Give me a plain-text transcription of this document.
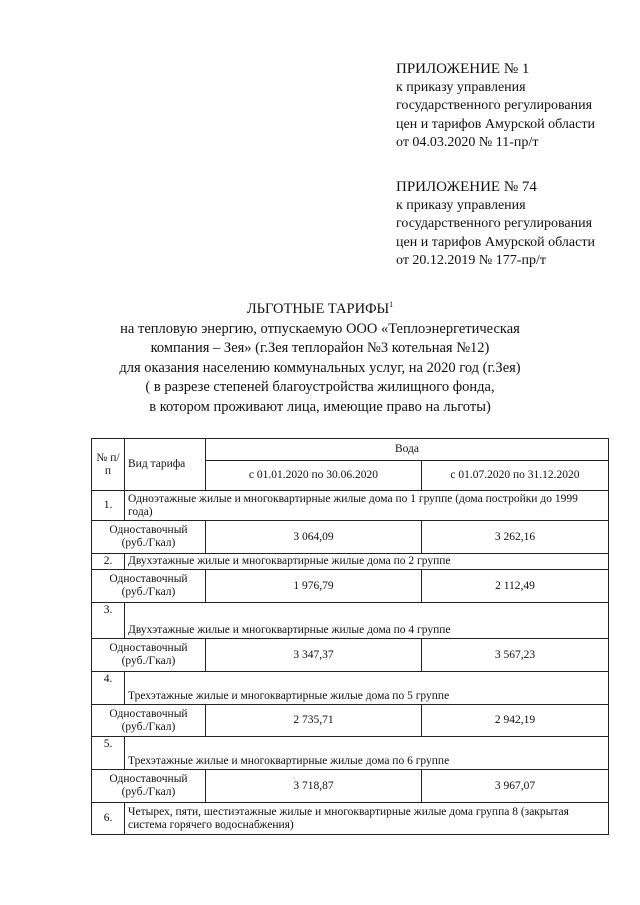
ПРИЛОЖЕНИЕ № 1
к приказу управления
государственного регулирования
цен и тарифов Амурской области
от 04.03.2020 № 11-пр/т
ПРИЛОЖЕНИЕ № 74
к приказу управления
государственного регулирования
цен и тарифов Амурской области
от 20.12.2019 № 177-пр/т
ЛЬГОТНЫЕ ТАРИФЫ$^1$
на тепловую энергию, отпускаемую ООО «Теплоэнергетическая
компания – Зея» (г.Зея теплорайон №3 котельная №12)
для оказания населению коммунальных услуг, на 2020 год (г.Зея)
( в разрезе степеней благоустройства жилищного фонда,
в котором проживают лица, имеющие право на льготы)
№ п/п	Вид тарифа	Вода	
		с 01.01.2020 по 30.06.2020	с 01.07.2020 по 31.12.2020
1.	Одноэтажные жилые и многоквартирные жилые дома по 1 группе (дома постройки до 1999 года)		

Одноставочный
(руб./Гкал)		3 064,09	3 262,16
2.	Двухэтажные жилые и многоквартирные жилые дома по 2 группе		

Одноставочный
(руб./Гкал)		1 976,79	2 112,49
3.	Двухэтажные жилые и многоквартирные жилые дома по 4 группе		

Одноставочный
(руб./Гкал)		3 347,37	3 567,23
4.	Трехэтажные жилые и многоквартирные жилые дома по 5 группе		

Одноставочный
(руб./Гкал)		2 735,71	2 942,19
5.	Трехэтажные жилые и многоквартирные жилые дома по 6 группе		

Одноставочный
(руб./Гкал)		3 718,87	3 967,07
6.	Четырех, пяти, шестиэтажные жилые и многоквартирные жилые дома группа 8 (закрытая система горячего водоснабжения)		
